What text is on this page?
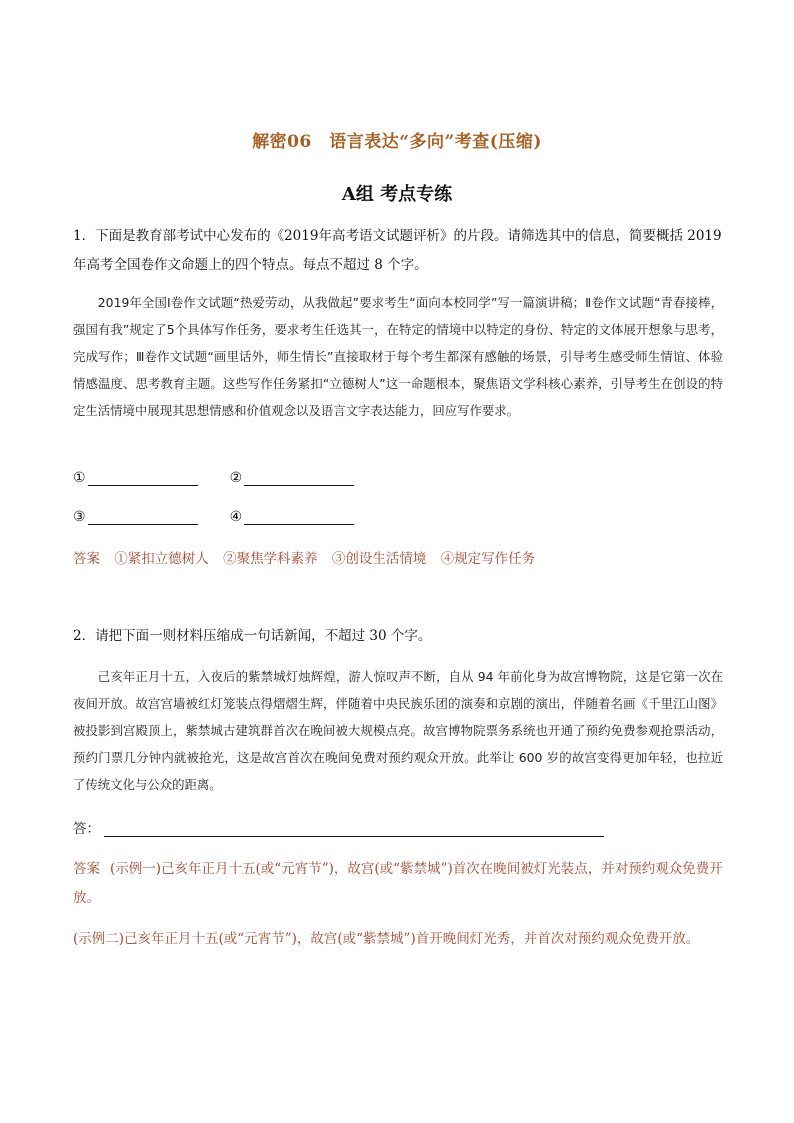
解密06　语言表达“多向”考查(压缩)
A组 考点专练
1．下面是教育部考试中心发布的《2019年高考语文试题评析》的片段。请筛选其中的信息，简要概括 2019 年高考全国卷作文命题上的四个特点。每点不超过 8 个字。
2019年全国Ⅰ卷作文试题“热爱劳动，从我做起”要求考生“面向本校同学”写一篇演讲稿；Ⅱ卷作文试题“青春接棒，强国有我”规定了5个具体写作任务，要求考生任选其一，在特定的情境中以特定的身份、特定的文体展开想象与思考，完成写作；Ⅲ卷作文试题“画里话外，师生情长”直接取材于每个考生都深有感触的场景，引导考生感受师生情谊、体验情感温度、思考教育主题。这些写作任务紧扣“立德树人”这一命题根本，聚焦语文学科核心素养，引导考生在创设的特定生活情境中展现其思想情感和价值观念以及语言文字表达能力，回应写作要求。
①	②
③	④
答案 ①紧扣立德树人 ②聚焦学科素养 ③创设生活情境 ④规定写作任务
2．请把下面一则材料压缩成一句话新闻，不超过 30 个字。
己亥年正月十五，入夜后的紫禁城灯烛辉煌，游人惊叹声不断，自从 94 年前化身为故宫博物院，这是它第一次在夜间开放。故宫宫墙被红灯笼装点得熠熠生辉，伴随着中央民族乐团的演奏和京剧的演出，伴随着名画《千里江山图》被投影到宫殿顶上，紫禁城古建筑群首次在晚间被大规模点亮。故宫博物院票务系统也开通了预约免费参观抢票活动，预约门票几分钟内就被抢光，这是故宫首次在晚间免费对预约观众开放。此举让 600 岁的故宫变得更加年轻，也拉近了传统文化与公众的距离。
答：
答案 (示例一)己亥年正月十五(或“元宵节”)，故宫(或“紫禁城”)首次在晚间被灯光装点，并对预约观众免费开放。
(示例二)己亥年正月十五(或“元宵节”)，故宫(或“紫禁城”)首开晚间灯光秀，并首次对预约观众免费开放。
